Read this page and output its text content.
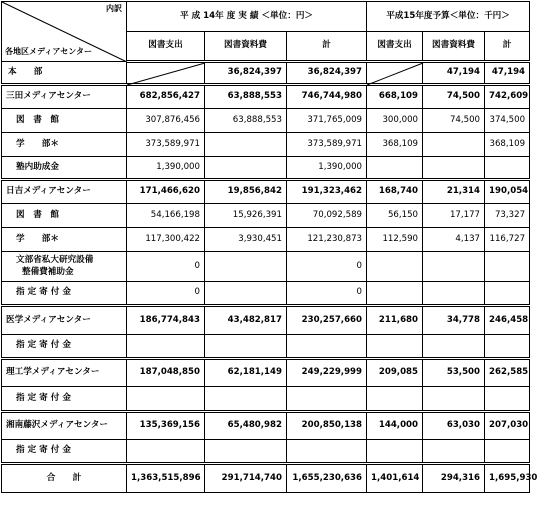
内訳
各地区メディアセンター	平 成 14年 度 実 績 ＜単位：円＞			平成15年度予算＜単位：千円＞		
	図書支出	図書資料費	計	図書支出	図書資料費	計
本　　部		36,824,397	36,824,397		47,194	47,194
三田メディアセンター	682,856,427	63,888,553	746,744,980	668,109	74,500	742,609
図　書　館	307,876,456	63,888,553	371,765,009	300,000	74,500	374,500
学　　部＊	373,589,971		373,589,971	368,109		368,109
塾内助成金	1,390,000		1,390,000			
日吉メディアセンター	171,466,620	19,856,842	191,323,462	168,740	21,314	190,054
図　書　館	54,166,198	15,926,391	70,092,589	56,150	17,177	73,327
学　　部＊	117,300,422	3,930,451	121,230,873	112,590	4,137	116,727

文部省私大研究設備
整備費補助金	0		0			
指 定 寄 付 金	0		0			
医学メディアセンター	186,774,843	43,482,817	230,257,660	211,680	34,778	246,458
指 定 寄 付 金						
理工学メディアセンター	187,048,850	62,181,149	249,229,999	209,085	53,500	262,585
指 定 寄 付 金						
湘南藤沢メディアセンター	135,369,156	65,480,982	200,850,138	144,000	63,030	207,030
指 定 寄 付 金						
合　　計	1,363,515,896	291,714,740	1,655,230,636	1,401,614	294,316	1,695,930
